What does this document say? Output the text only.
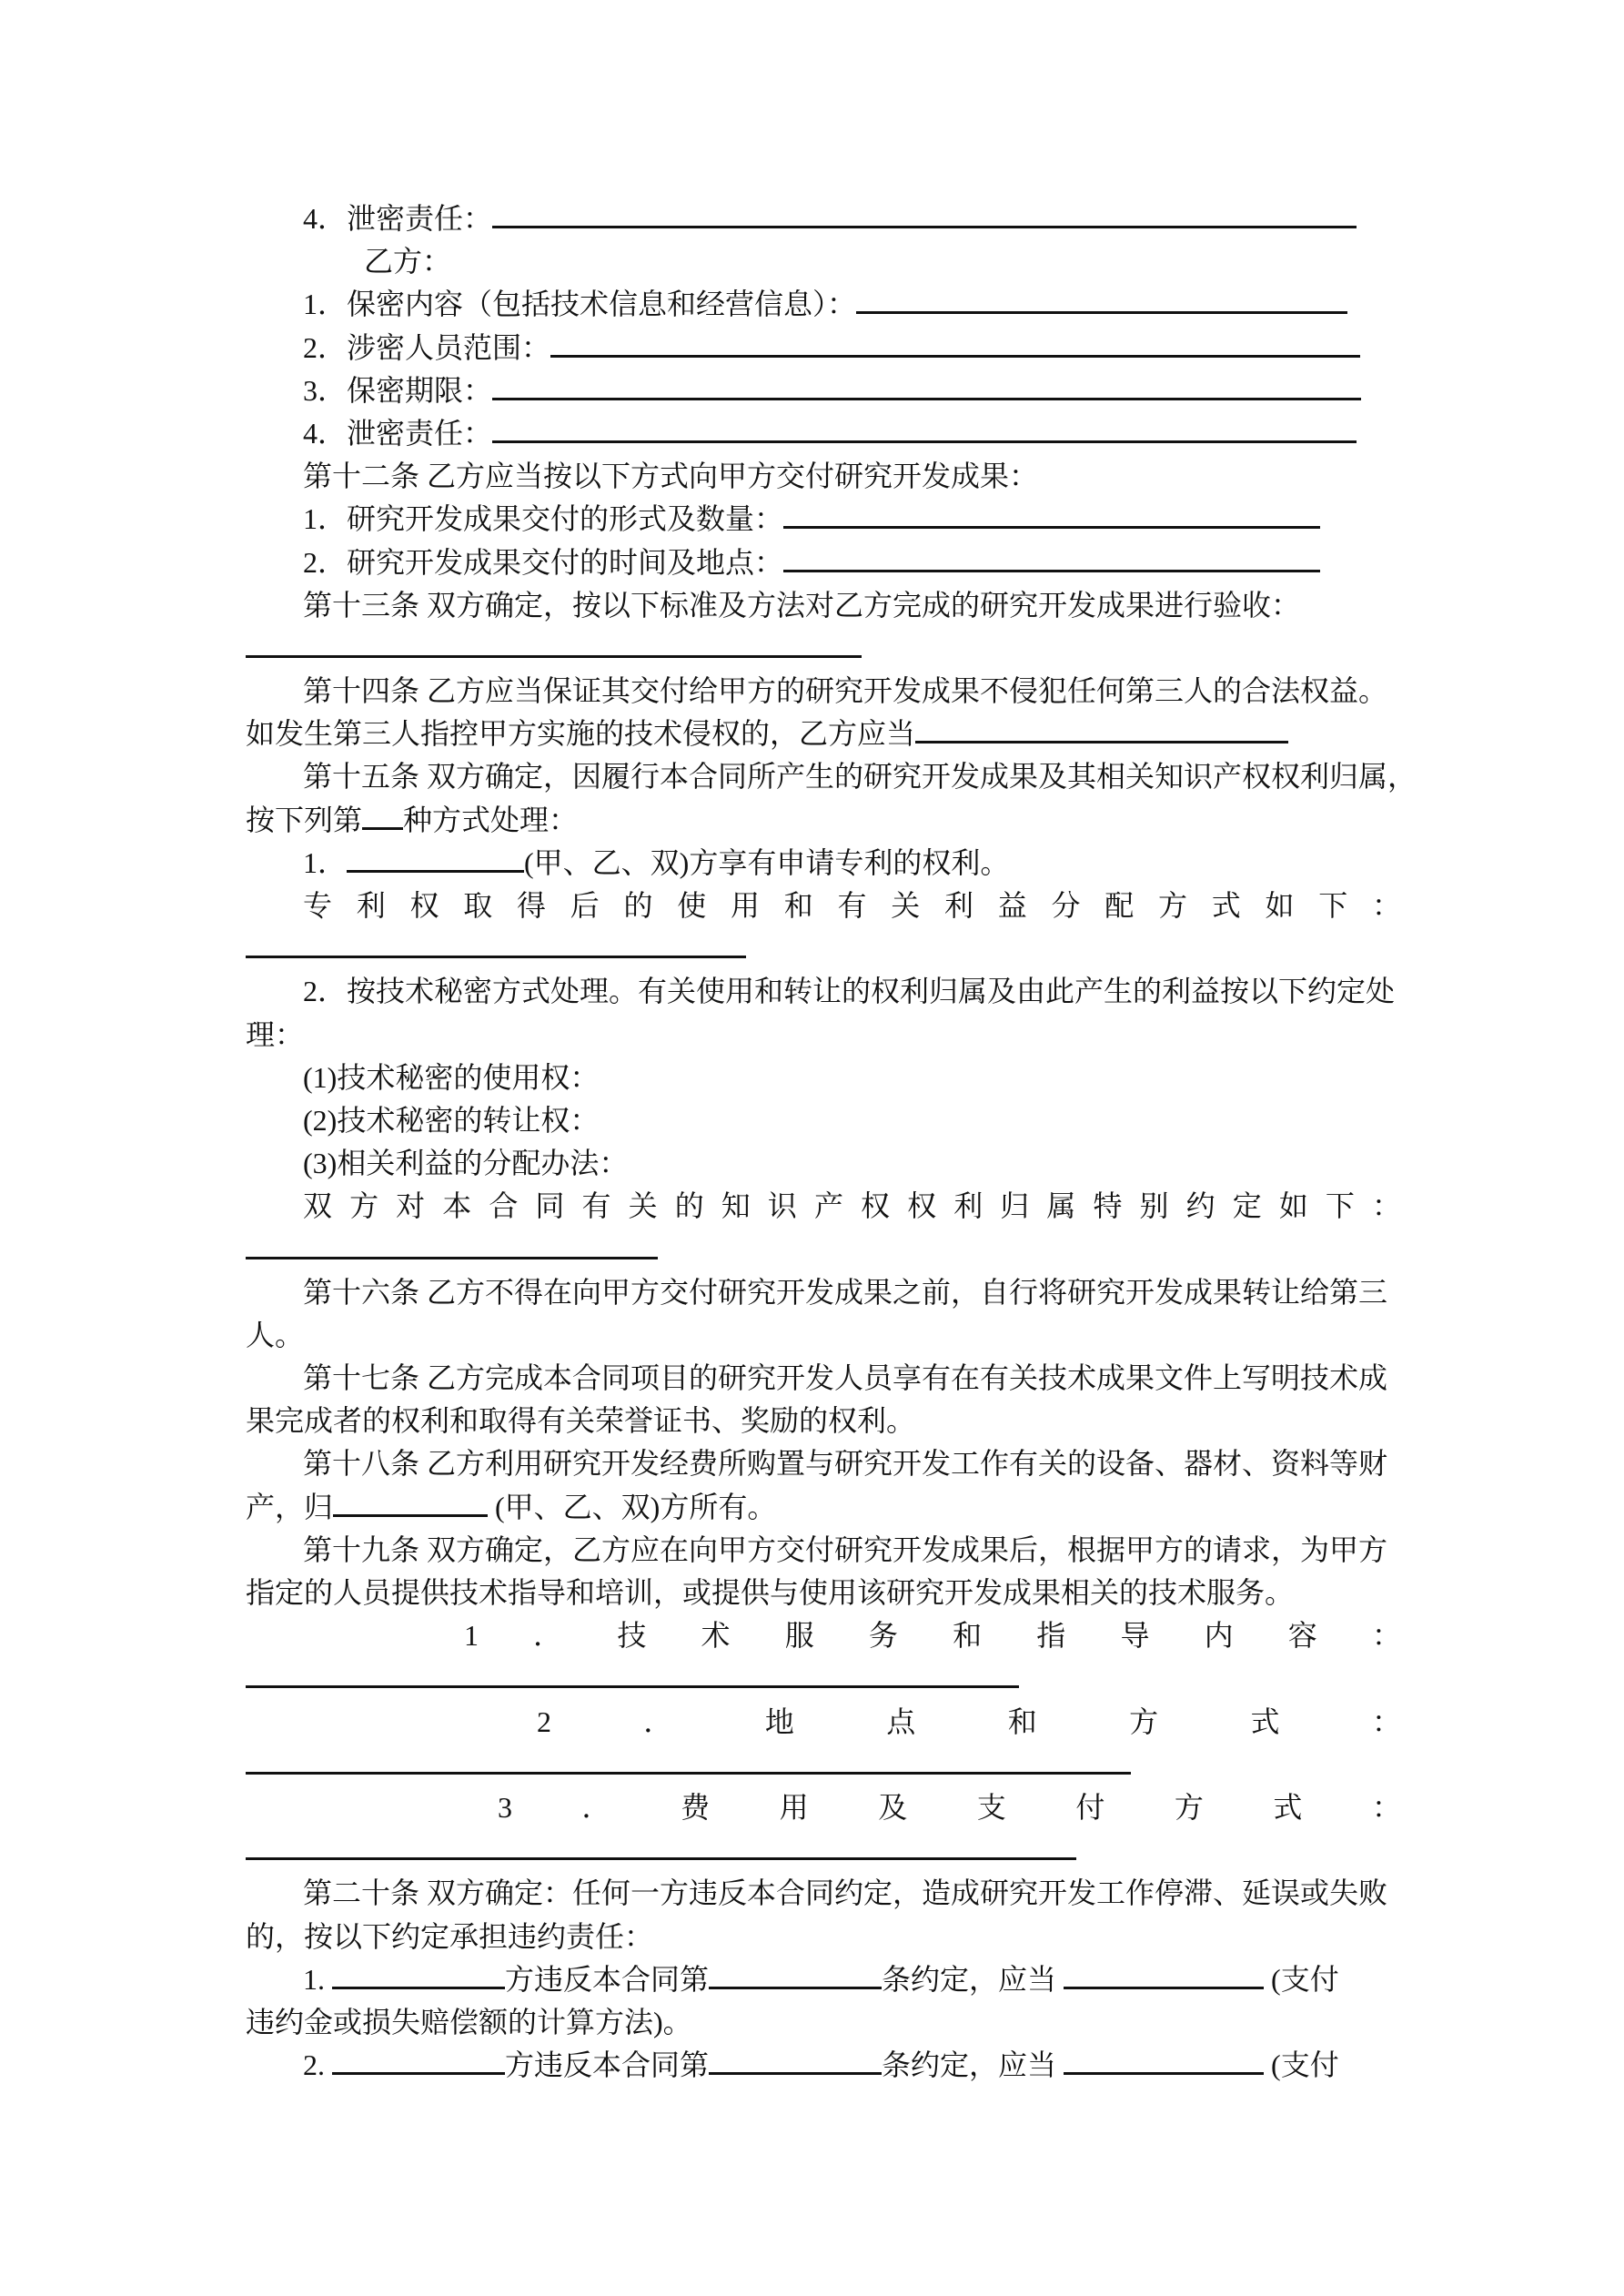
4．泄密责任：
乙方：
1．保密内容（包括技术信息和经营信息）：
2．涉密人员范围：
3．保密期限：
4．泄密责任：
第十二条 乙方应当按以下方式向甲方交付研究开发成果：
1．研究开发成果交付的形式及数量：
2．研究开发成果交付的时间及地点：
第十三条 双方确定，按以下标准及方法对乙方完成的研究开发成果进行验收：
第十四条 乙方应当保证其交付给甲方的研究开发成果不侵犯任何第三人的合法权益。
如发生第三人指控甲方实施的技术侵权的，乙方应当
第十五条 双方确定，因履行本合同所产生的研究开发成果及其相关知识产权权利归属，
按下列第 种方式处理：
1．	(甲、乙、双)方享有申请专利的权利。
专利权取得后的使用和有关利益分配方式如下：
2．按技术秘密方式处理。有关使用和转让的权利归属及由此产生的利益按以下约定处
理：
(1)技术秘密的使用权：
(2)技术秘密的转让权：
(3)相关利益的分配办法：
双方对本合同有关的知识产权权利归属特别约定如下：
第十六条 乙方不得在向甲方交付研究开发成果之前，自行将研究开发成果转让给第三
人。
第十七条 乙方完成本合同项目的研究开发人员享有在有关技术成果文件上写明技术成
果完成者的权利和取得有关荣誉证书、奖励的权利。
第十八条 乙方利用研究开发经费所购置与研究开发工作有关的设备、器材、资料等财
产，归	(甲、乙、双)方所有。
第十九条 双方确定，乙方应在向甲方交付研究开发成果后，根据甲方的请求，为甲方
指定的人员提供技术指导和培训，或提供与使用该研究开发成果相关的技术服务。
1．技术服务和指导内容：
2．地点和方式：
3．费用及支付方式：
第二十条 双方确定：任何一方违反本合同约定，造成研究开发工作停滞、延误或失败
的，按以下约定承担违约责任：
1.	方违反本合同第	条约定，应当	(支付
违约金或损失赔偿额的计算方法)。
2.	方违反本合同第	条约定，应当	(支付
